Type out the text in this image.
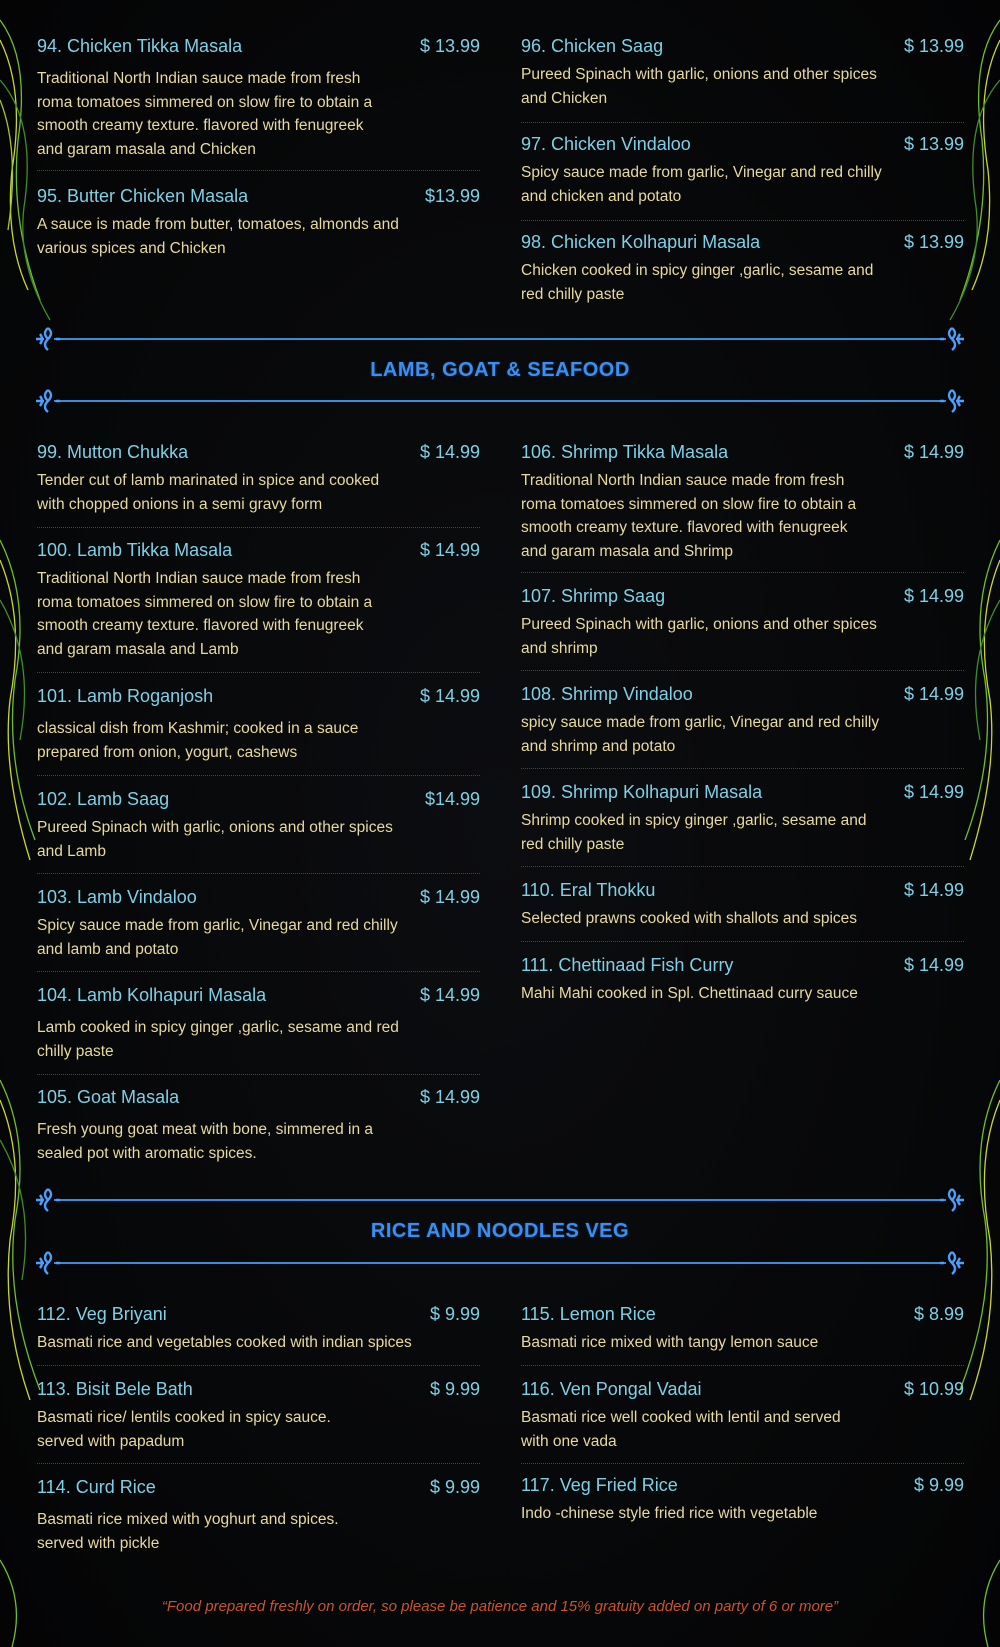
94. Chicken Tikka Masala	$ 13.99
Traditional North Indian sauce made from fresh
roma tomatoes simmered on slow fire to obtain a
smooth creamy texture. flavored with fenugreek
and garam masala and Chicken
95. Butter Chicken Masala	$13.99
A sauce is made from butter, tomatoes, almonds and
various spices and Chicken
96. Chicken Saag	$ 13.99
Pureed Spinach with garlic, onions and other spices
and Chicken
97. Chicken Vindaloo	$ 13.99
Spicy sauce made from garlic, Vinegar and red chilly
and chicken and potato
98. Chicken Kolhapuri Masala	$ 13.99
Chicken cooked in spicy ginger ,garlic, sesame and
red chilly paste
LAMB, GOAT & SEAFOOD
99. Mutton Chukka	$ 14.99
Tender cut of lamb marinated in spice and cooked
with chopped onions in a semi gravy form
100. Lamb Tikka Masala	$ 14.99
Traditional North Indian sauce made from fresh
roma tomatoes simmered on slow fire to obtain a
smooth creamy texture. flavored with fenugreek
and garam masala and Lamb
101. Lamb Roganjosh	$ 14.99
classical dish from Kashmir; cooked in a sauce
prepared from onion, yogurt, cashews
102. Lamb Saag	$14.99
Pureed Spinach with garlic, onions and other spices
and Lamb
103. Lamb Vindaloo	$ 14.99
Spicy sauce made from garlic, Vinegar and red chilly
and lamb and potato
104. Lamb Kolhapuri Masala	$ 14.99
Lamb cooked in spicy ginger ,garlic, sesame and red
chilly paste
105. Goat Masala	$ 14.99
Fresh young goat meat with bone, simmered in a
sealed pot with aromatic spices.
106. Shrimp Tikka Masala	$ 14.99
Traditional North Indian sauce made from fresh
roma tomatoes simmered on slow fire to obtain a
smooth creamy texture. flavored with fenugreek
and garam masala and Shrimp
107. Shrimp Saag	$ 14.99
Pureed Spinach with garlic, onions and other spices
and shrimp
108. Shrimp Vindaloo	$ 14.99
spicy sauce made from garlic, Vinegar and red chilly
and shrimp and potato
109. Shrimp Kolhapuri Masala	$ 14.99
Shrimp cooked in spicy ginger ,garlic, sesame and
red chilly paste
110. Eral Thokku	$ 14.99
Selected prawns cooked with shallots and spices
111. Chettinaad Fish Curry	$ 14.99
Mahi Mahi cooked in Spl. Chettinaad curry sauce
RICE AND NOODLES VEG
112. Veg Briyani	$ 9.99
Basmati rice and vegetables cooked with indian spices
113. Bisit Bele Bath	$ 9.99
Basmati rice/ lentils cooked in spicy sauce.
served with papadum
114. Curd Rice	$ 9.99
Basmati rice mixed with yoghurt and spices.
served with pickle
115. Lemon Rice	$ 8.99
Basmati rice mixed with tangy lemon sauce
116. Ven Pongal Vadai	$ 10.99
Basmati rice well cooked with lentil and served
with one vada
117. Veg Fried Rice	$ 9.99
Indo -chinese style fried rice with vegetable
“Food prepared freshly on order, so please be patience and 15% gratuity added on party of 6 or more”
